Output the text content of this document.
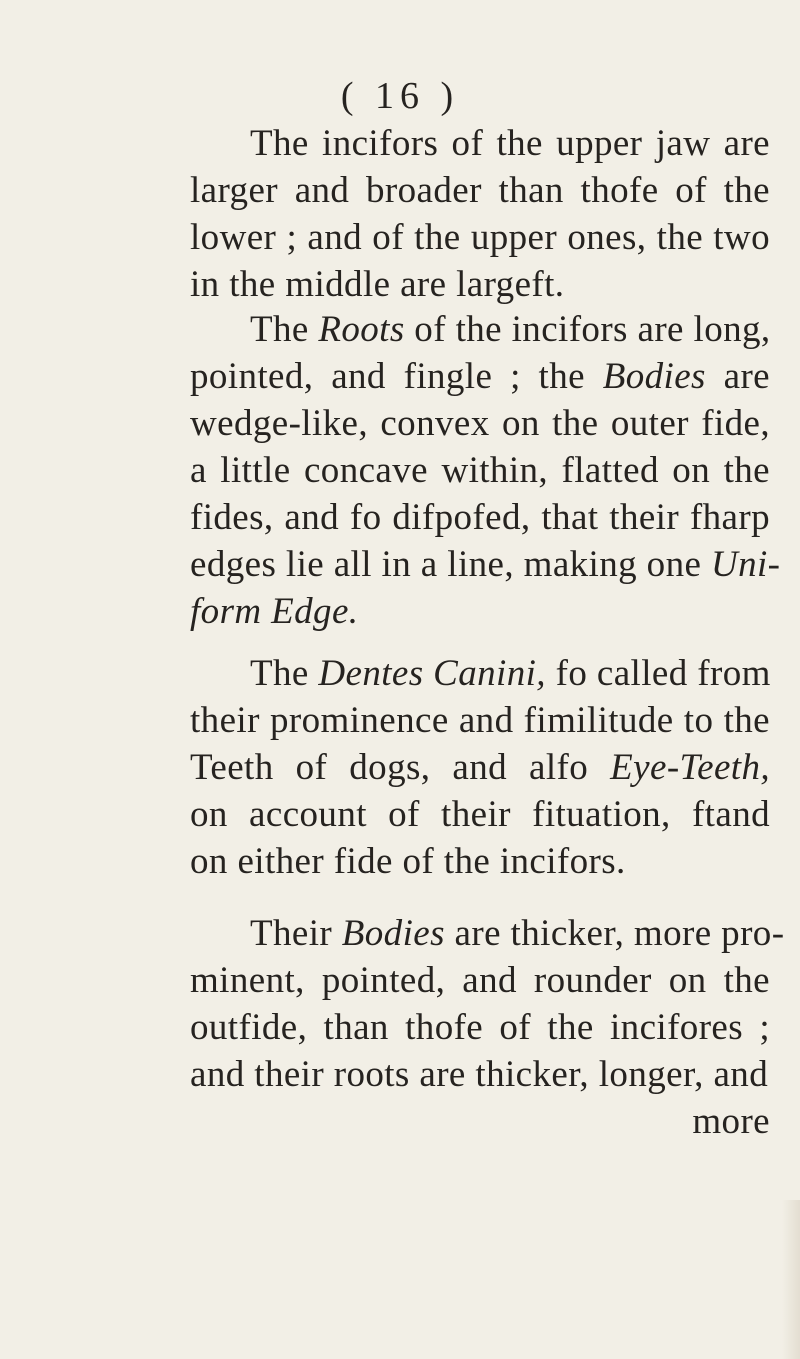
( 16 )
The incifors of the upper jaw are
larger and broader than thofe of the
lower ; and of the upper ones, the two
in the middle are largeft.
The Roots of the incifors are long,
pointed, and fingle ; the Bodies are
wedge-like, convex on the outer fide,
a little concave within, flatted on the
fides, and fo difpofed, that their fharp
edges lie all in a line, making one Uni-
form Edge.
The Dentes Canini, fo called from
their prominence and fimilitude to the
Teeth of dogs, and alfo Eye-Teeth,
on account of their fituation, ftand
on either fide of the incifors.
Their Bodies are thicker, more pro-
minent, pointed, and rounder on the
outfide, than thofe of the incifores ;
and their roots are thicker, longer, and
more
